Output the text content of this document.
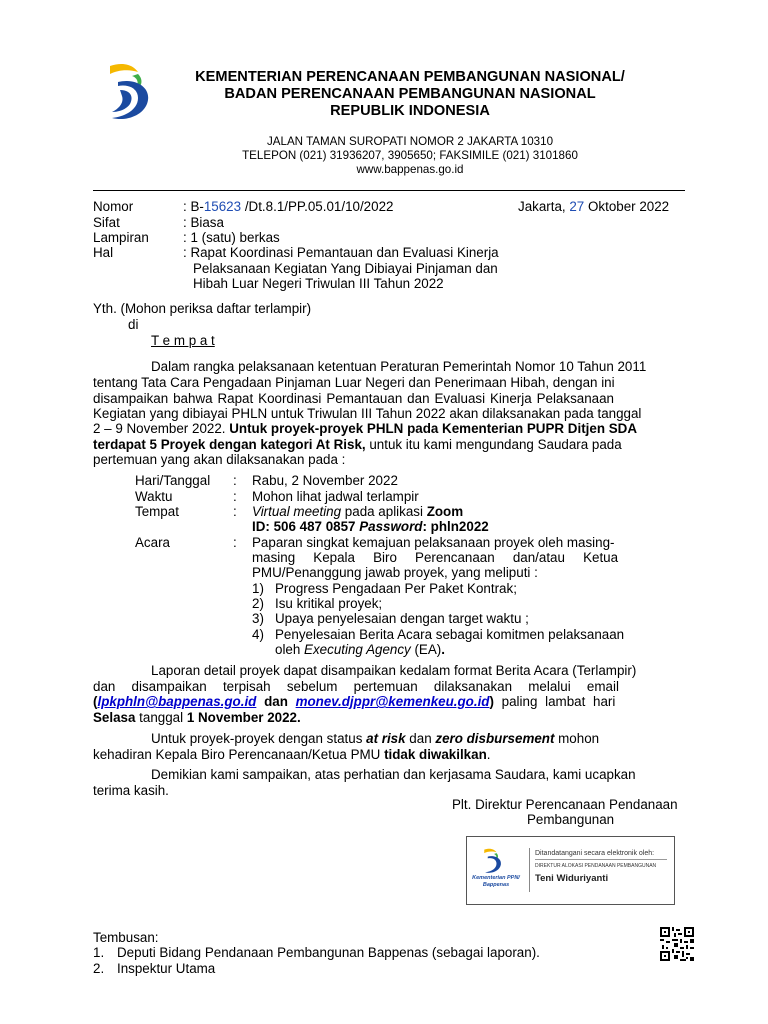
KEMENTERIAN PERENCANAAN PEMBANGUNAN NASIONAL/
BADAN PERENCANAAN PEMBANGUNAN NASIONAL
REPUBLIK INDONESIA
JALAN TAMAN SUROPATI NOMOR 2 JAKARTA 10310
TELEPON (021) 31936207, 3905650; FAKSIMILE (021) 3101860
www.bappenas.go.id
Nomor	: B-15623 /Dt.8.1/PP.05.01/10/2022	Jakarta, 27 Oktober 2022
Sifat	: Biasa
Lampiran	: 1 (satu) berkas
Hal	: Rapat Koordinasi Pemantauan dan Evaluasi Kinerja
Pelaksanaan Kegiatan Yang Dibiayai Pinjaman dan
Hibah Luar Negeri Triwulan III Tahun 2022
Yth. (Mohon periksa daftar terlampir)
di
T e m p a t
Dalam rangka pelaksanaan ketentuan Peraturan Pemerintah Nomor 10 Tahun 2011
tentang Tata Cara Pengadaan Pinjaman Luar Negeri dan Penerimaan Hibah, dengan ini
disampaikan bahwa Rapat Koordinasi Pemantauan dan Evaluasi Kinerja Pelaksanaan
Kegiatan yang dibiayai PHLN untuk Triwulan III Tahun 2022 akan dilaksanakan pada tanggal
2 – 9 November 2022. Untuk proyek-proyek PHLN pada Kementerian PUPR Ditjen SDA
terdapat 5 Proyek dengan kategori At Risk, untuk itu kami mengundang Saudara pada
pertemuan yang akan dilaksanakan pada :
Hari/Tanggal : Rabu, 2 November 2022
Waktu	: Mohon lihat jadwal terlampir
Tempat	: Virtual meeting pada aplikasi Zoom
ID: 506 487 0857 Password: phln2022
Acara	: Paparan singkat kemajuan pelaksanaan proyek oleh masing-
masing Kepala Biro Perencanaan dan/atau Ketua
PMU/Penanggung jawab proyek, yang meliputi :
1) Progress Pengadaan Per Paket Kontrak;
2) Isu kritikal proyek;
3) Upaya penyelesaian dengan target waktu ;
4) Penyelesaian Berita Acara sebagai komitmen pelaksanaan
oleh Executing Agency (EA).
Laporan detail proyek dapat disampaikan kedalam format Berita Acara (Terlampir)
dan disampaikan terpisah sebelum pertemuan dilaksanakan melalui email
(lpkphln@bappenas.go.id dan monev.djppr@kemenkeu.go.id) paling lambat hari
Selasa tanggal 1 November 2022.
Untuk proyek-proyek dengan status at risk dan zero disbursement mohon
kehadiran Kepala Biro Perencanaan/Ketua PMU tidak diwakilkan.
Demikian kami sampaikan, atas perhatian dan kerjasama Saudara, kami ucapkan
terima kasih.
Plt. Direktur Perencanaan Pendanaan
Pembangunan
Kementerian PPN/
Bappenas
Ditandatangani secara elektronik oleh:
DIREKTUR ALOKASI PENDANAAN PEMBANGUNAN
Teni Widuriyanti
Tembusan:
1. Deputi Bidang Pendanaan Pembangunan Bappenas (sebagai laporan).
2. Inspektur Utama
